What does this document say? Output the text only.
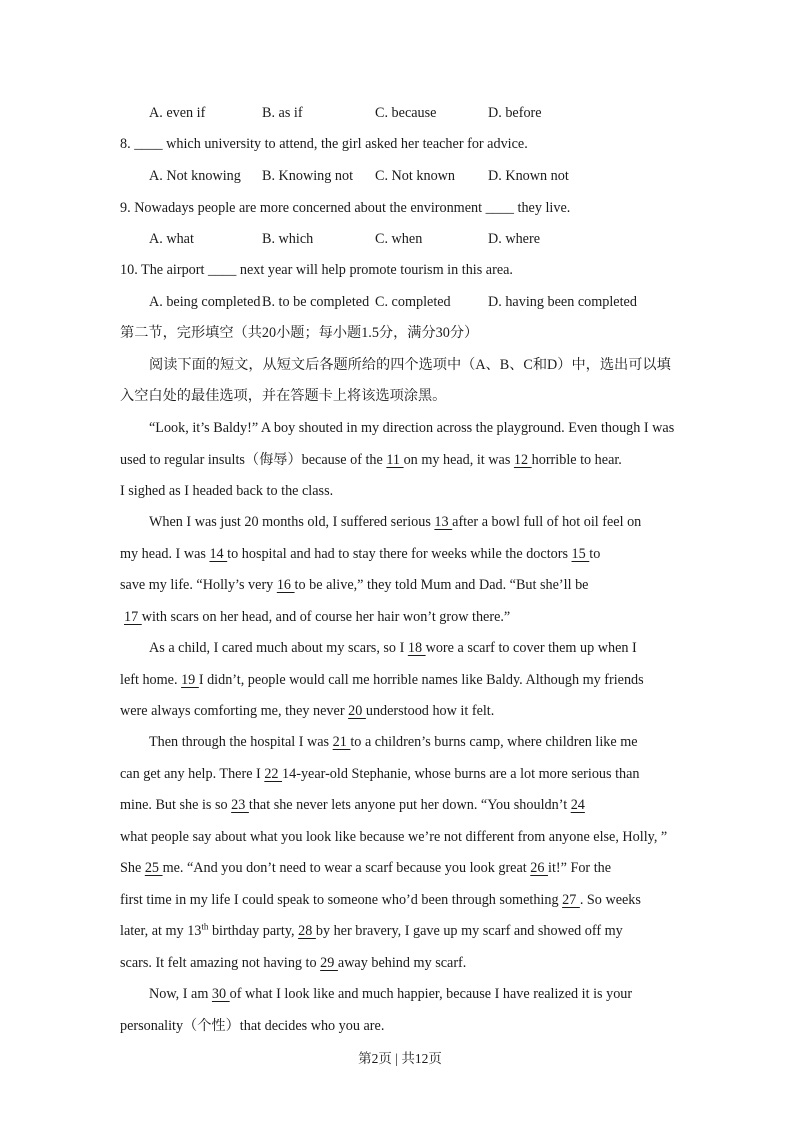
A. even if	B. as if	C. because	D. before
8. ____ which university to attend, the girl asked her teacher for advice.
A. Not knowing B. Knowing not C. Not known D. Known not
9. Nowadays people are more concerned about the environment ____ they live.
A. what	B. which	C. when	D. where
10. The airport ____ next year will help promote tourism in this area.
A. being completed B. to be completed C. completed	D. having been completed
第二节，完形填空（共20小题；每小题1.5分，满分30分）
阅读下面的短文，从短文后各题所给的四个选项中（A、B、C和D）中，选出可以填
入空白处的最佳选项，并在答题卡上将该选项涂黑。
“Look, it’s Baldy!” A boy shouted in my direction across the playground. Even though I was
used to regular insults（侮辱）because of the 11 on my head, it was 12 horrible to hear.
I sighed as I headed back to the class.
When I was just 20 months old, I suffered serious 13 after a bowl full of hot oil feel on
my head. I was 14 to hospital and had to stay there for weeks while the doctors 15 to
save my life. “Holly’s very 16 to be alive,” they told Mum and Dad. “But she’ll be
17 with scars on her head, and of course her hair won’t grow there.”
As a child, I cared much about my scars, so I 18 wore a scarf to cover them up when I
left home. 19 I didn’t, people would call me horrible names like Baldy. Although my friends
were always comforting me, they never 20 understood how it felt.
Then through the hospital I was 21 to a children’s burns camp, where children like me
can get any help. There I 22 14-year-old Stephanie, whose burns are a lot more serious than
mine. But she is so 23 that she never lets anyone put her down. “You shouldn’t 24
what people say about what you look like because we’re not different from anyone else, Holly, ”
She 25 me. “And you don’t need to wear a scarf because you look great 26 it!” For the
first time in my life I could speak to someone who’d been through something 27 . So weeks
later, at my 13th birthday party, 28 by her bravery, I gave up my scarf and showed off my
scars. It felt amazing not having to 29 away behind my scarf.
Now, I am 30 of what I look like and much happier, because I have realized it is your
personality（个性）that decides who you are.
第2页 | 共12页
